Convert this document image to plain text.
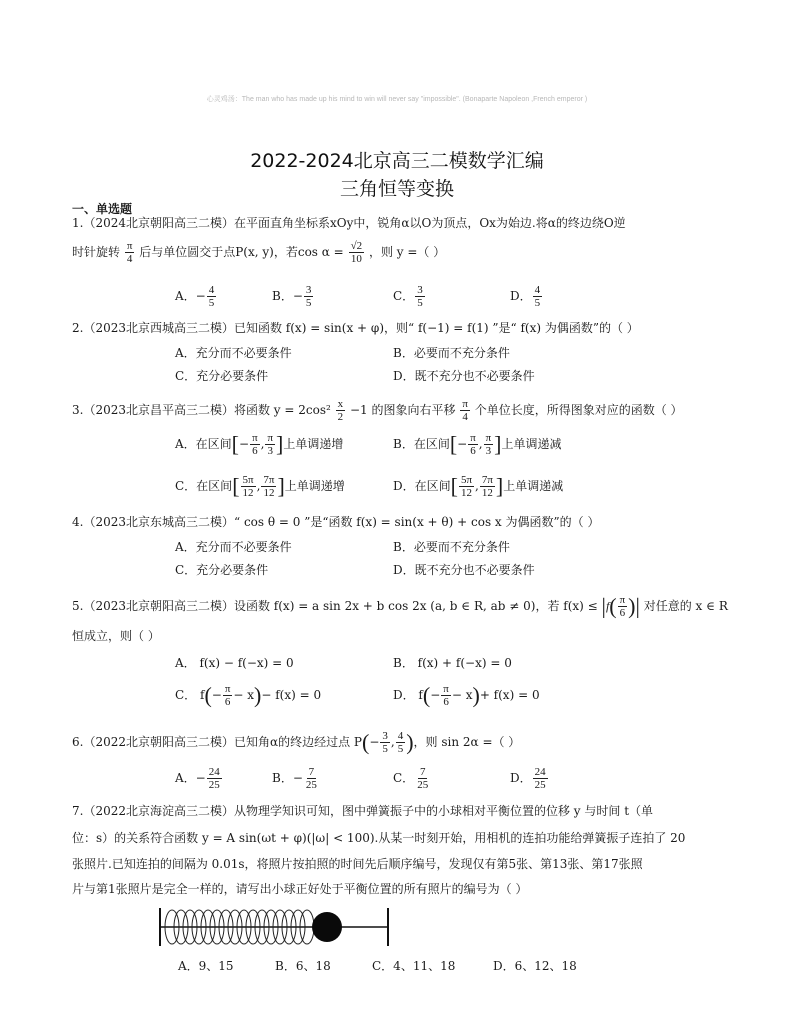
心灵鸡汤：The man who has made up his mind to win will never say "impossible". (Bonaparte Napoleon ,French emperor )
2022-2024北京高三二模数学汇编
三角恒等变换
一、单选题
1.（2024北京朝阳高三二模）在平面直角坐标系xOy中，锐角α以O为顶点，Ox为始边.将α的终边绕O逆
时针旋转 $\frac{\pi}{4}$ 后与单位圆交于点P(x, y)，若$\cos \alpha = \frac{√2}{10}$ ，则 y =（ ）
A．− $\frac{4}{5}$	B．− $\frac{3}{5}$	C． $\frac{3}{5}$	D． $\frac{4}{5}$
2.（2023北京西城高三二模）已知函数 f(x) = sin(x + φ)，则“ f(−1) = f(1) ”是“ f(x) 为偶函数”的（ ）
A．充分而不必要条件	B．必要而不充分条件
C．充分必要条件	D．既不充分也不必要条件
3.（2023北京昌平高三二模）将函数 $y = 2\cos^2 \frac{x}{2} -1$ 的图象向右平移 $\frac{\pi}{4}$ 个单位长度，所得图象对应的函数（ ）
A．在区间[− $\frac{\pi}{6}$ , $\frac{\pi}{3}$ ]上单调递增	B．在区间[− $\frac{\pi}{6}$ , $\frac{\pi}{3}$ ]上单调递减
C．在区间[ $\frac{5\pi}{12}$ , $\frac{7\pi}{12}$ ]上单调递增	D．在区间[ $\frac{5\pi}{12}$ , $\frac{7\pi}{12}$ ]上单调递减
4.（2023北京东城高三二模）“ cos θ = 0 ”是“函数 f(x) = sin(x + θ) + cos x 为偶函数”的（ ）
A．充分而不必要条件	B．必要而不充分条件
C．充分必要条件	D．既不充分也不必要条件
5.（2023北京朝阳高三二模）设函数 f(x) = a sin 2x + b cos 2x (a, b ∈ R, ab ≠ 0)，若 $f(x) \le |f( \frac{\pi}{6}$ )| 对任意的 x ∈ R
恒成立，则（ ）
A． f(x) − f(−x) = 0	B． f(x) + f(−x) = 0
C． $f(- \frac{\pi}{6} - x)- f(x) = 0$	D． $f(- \frac{\pi}{6} - x)+ f(x) = 0$
6.（2022北京朝阳高三二模）已知角α的终边经过点 $P(- \frac{3}{5}$ , $\frac{4}{5}$ )，则 sin 2α =（ ）
A．− $\frac{24}{25}$	B．− $\frac{7}{25}$	C． $\frac{7}{25}$	D． $\frac{24}{25}$
7.（2022北京海淀高三二模）从物理学知识可知，图中弹簧振子中的小球相对平衡位置的位移 y 与时间 t（单
位：s）的关系符合函数 y = A sin(ωt + φ)(|ω| < 100).从某一时刻开始，用相机的连拍功能给弹簧振子连拍了 20
张照片.已知连拍的间隔为 0.01s，将照片按拍照的时间先后顺序编号，发现仅有第5张、第13张、第17张照
片与第1张照片是完全一样的，请写出小球正好处于平衡位置的所有照片的编号为（ ）
A．9、15	B．6、18	C．4、11、18	D．6、12、18
